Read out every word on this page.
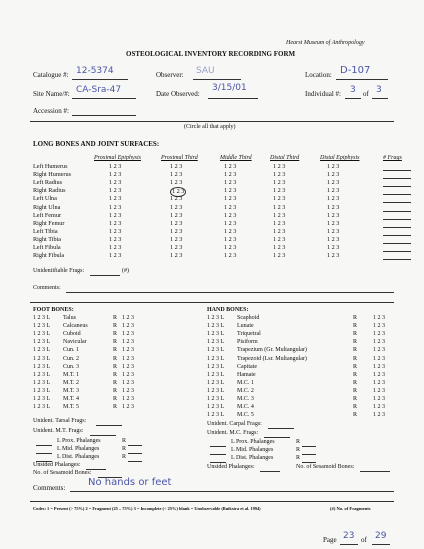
Hearst Museum of Anthropology
OSTEOLOGICAL INVENTORY RECORDING FORM
Catalogue #: 12-5374	Observer: SAU	Location: D-107
Site Name/#: CA-Sra-47	Date Observed:
3/15/01
Individual #: 3 of 3
Accession #:
(Circle all that apply)
LONG BONES AND JOINT SURFACES:
Proximal Epiphysis	Proximal Third	Middle Third	Distal Third	Distal Epiphysis	# Frags
Left Humerus	1 2 3	1 2 3	1 2 3	1 2 3	1 2 3
Right Humerus	1 2 3	1 2 3	1 2 3	1 2 3	1 2 3
Left Radius	1 2 3	1 2 3	1 2 3	1 2 3	1 2 3
Right Radius	1 2 3	1 2 3	1 2 3	1 2 3	1 2 3
Left Ulna	1 2 3	1 2 3	1 2 3	1 2 3	1 2 3
Right Ulna	1 2 3	1 2 3	1 2 3	1 2 3	1 2 3
Left Femur	1 2 3	1 2 3	1 2 3	1 2 3	1 2 3
Right Femur	1 2 3	1 2 3	1 2 3	1 2 3	1 2 3
Left Tibia	1 2 3	1 2 3	1 2 3	1 2 3	1 2 3
Right Tibia	1 2 3	1 2 3	1 2 3	1 2 3	1 2 3
Left Fibula	1 2 3	1 2 3	1 2 3	1 2 3	1 2 3
Right Fibula	1 2 3	1 2 3	1 2 3	1 2 3	1 2 3
Unidentifiable Frags:	(#)
Comments:
FOOT BONES:
1 2 3 L Talus	R 1 2 3
1 2 3 L Calcaneus	R 1 2 3
1 2 3 L Cuboid	R 1 2 3
1 2 3 L Navicular	R 1 2 3
1 2 3 L Cun. 1	R 1 2 3
1 2 3 L Cun. 2	R 1 2 3
1 2 3 L Cun. 3	R 1 2 3
1 2 3 L M.T. 1	R 1 2 3
1 2 3 L M.T. 2	R 1 2 3
1 2 3 L M.T. 3	R 1 2 3
1 2 3 L M.T. 4	R 1 2 3
1 2 3 L M.T. 5	R 1 2 3
Unident. Tarsal Frags:
Unident. M.T. Frags:
L Prox. Phalanges	R
L Mid. Phalanges	R
L Dist. Phalanges	R
Unsided Phalanges:
No. of Sesamoid Bones:
HAND BONES:
1 2 3 L Scaphoid	R	1 2 3
1 2 3 L Lunate	R	1 2 3
1 2 3 L Triquetral	R	1 2 3
1 2 3 L Pisiform	R	1 2 3
1 2 3 L Trapezium (Gr. Multangular)	R	1 2 3
1 2 3 L Trapezoid (Lsr. Multangular)	R	1 2 3
1 2 3 L Capitate	R	1 2 3
1 2 3 L Hamate	R	1 2 3
1 2 3 L M.C. 1	R	1 2 3
1 2 3 L M.C. 2	R	1 2 3
1 2 3 L M.C. 3	R	1 2 3
1 2 3 L M.C. 4	R	1 2 3
1 2 3 L M.C. 5	R	1 2 3
Unident. Carpal Frags:
Unident. M.C. Frags:
L Prox. Phalanges	R
L Mid. Phalanges	R
L Dist. Phalanges	R
Unsided Phalanges:	No. of Sesamoid Bones:
Comments: No hands or feet
Codes: 1 = Present (> 75%) 2 = Fragment (25 – 75%) 3 = Incomplete (< 25%) blank = Unobservable (Buikstra et al. 1994)	(#) No. of Fragments
Page 23 of 29
